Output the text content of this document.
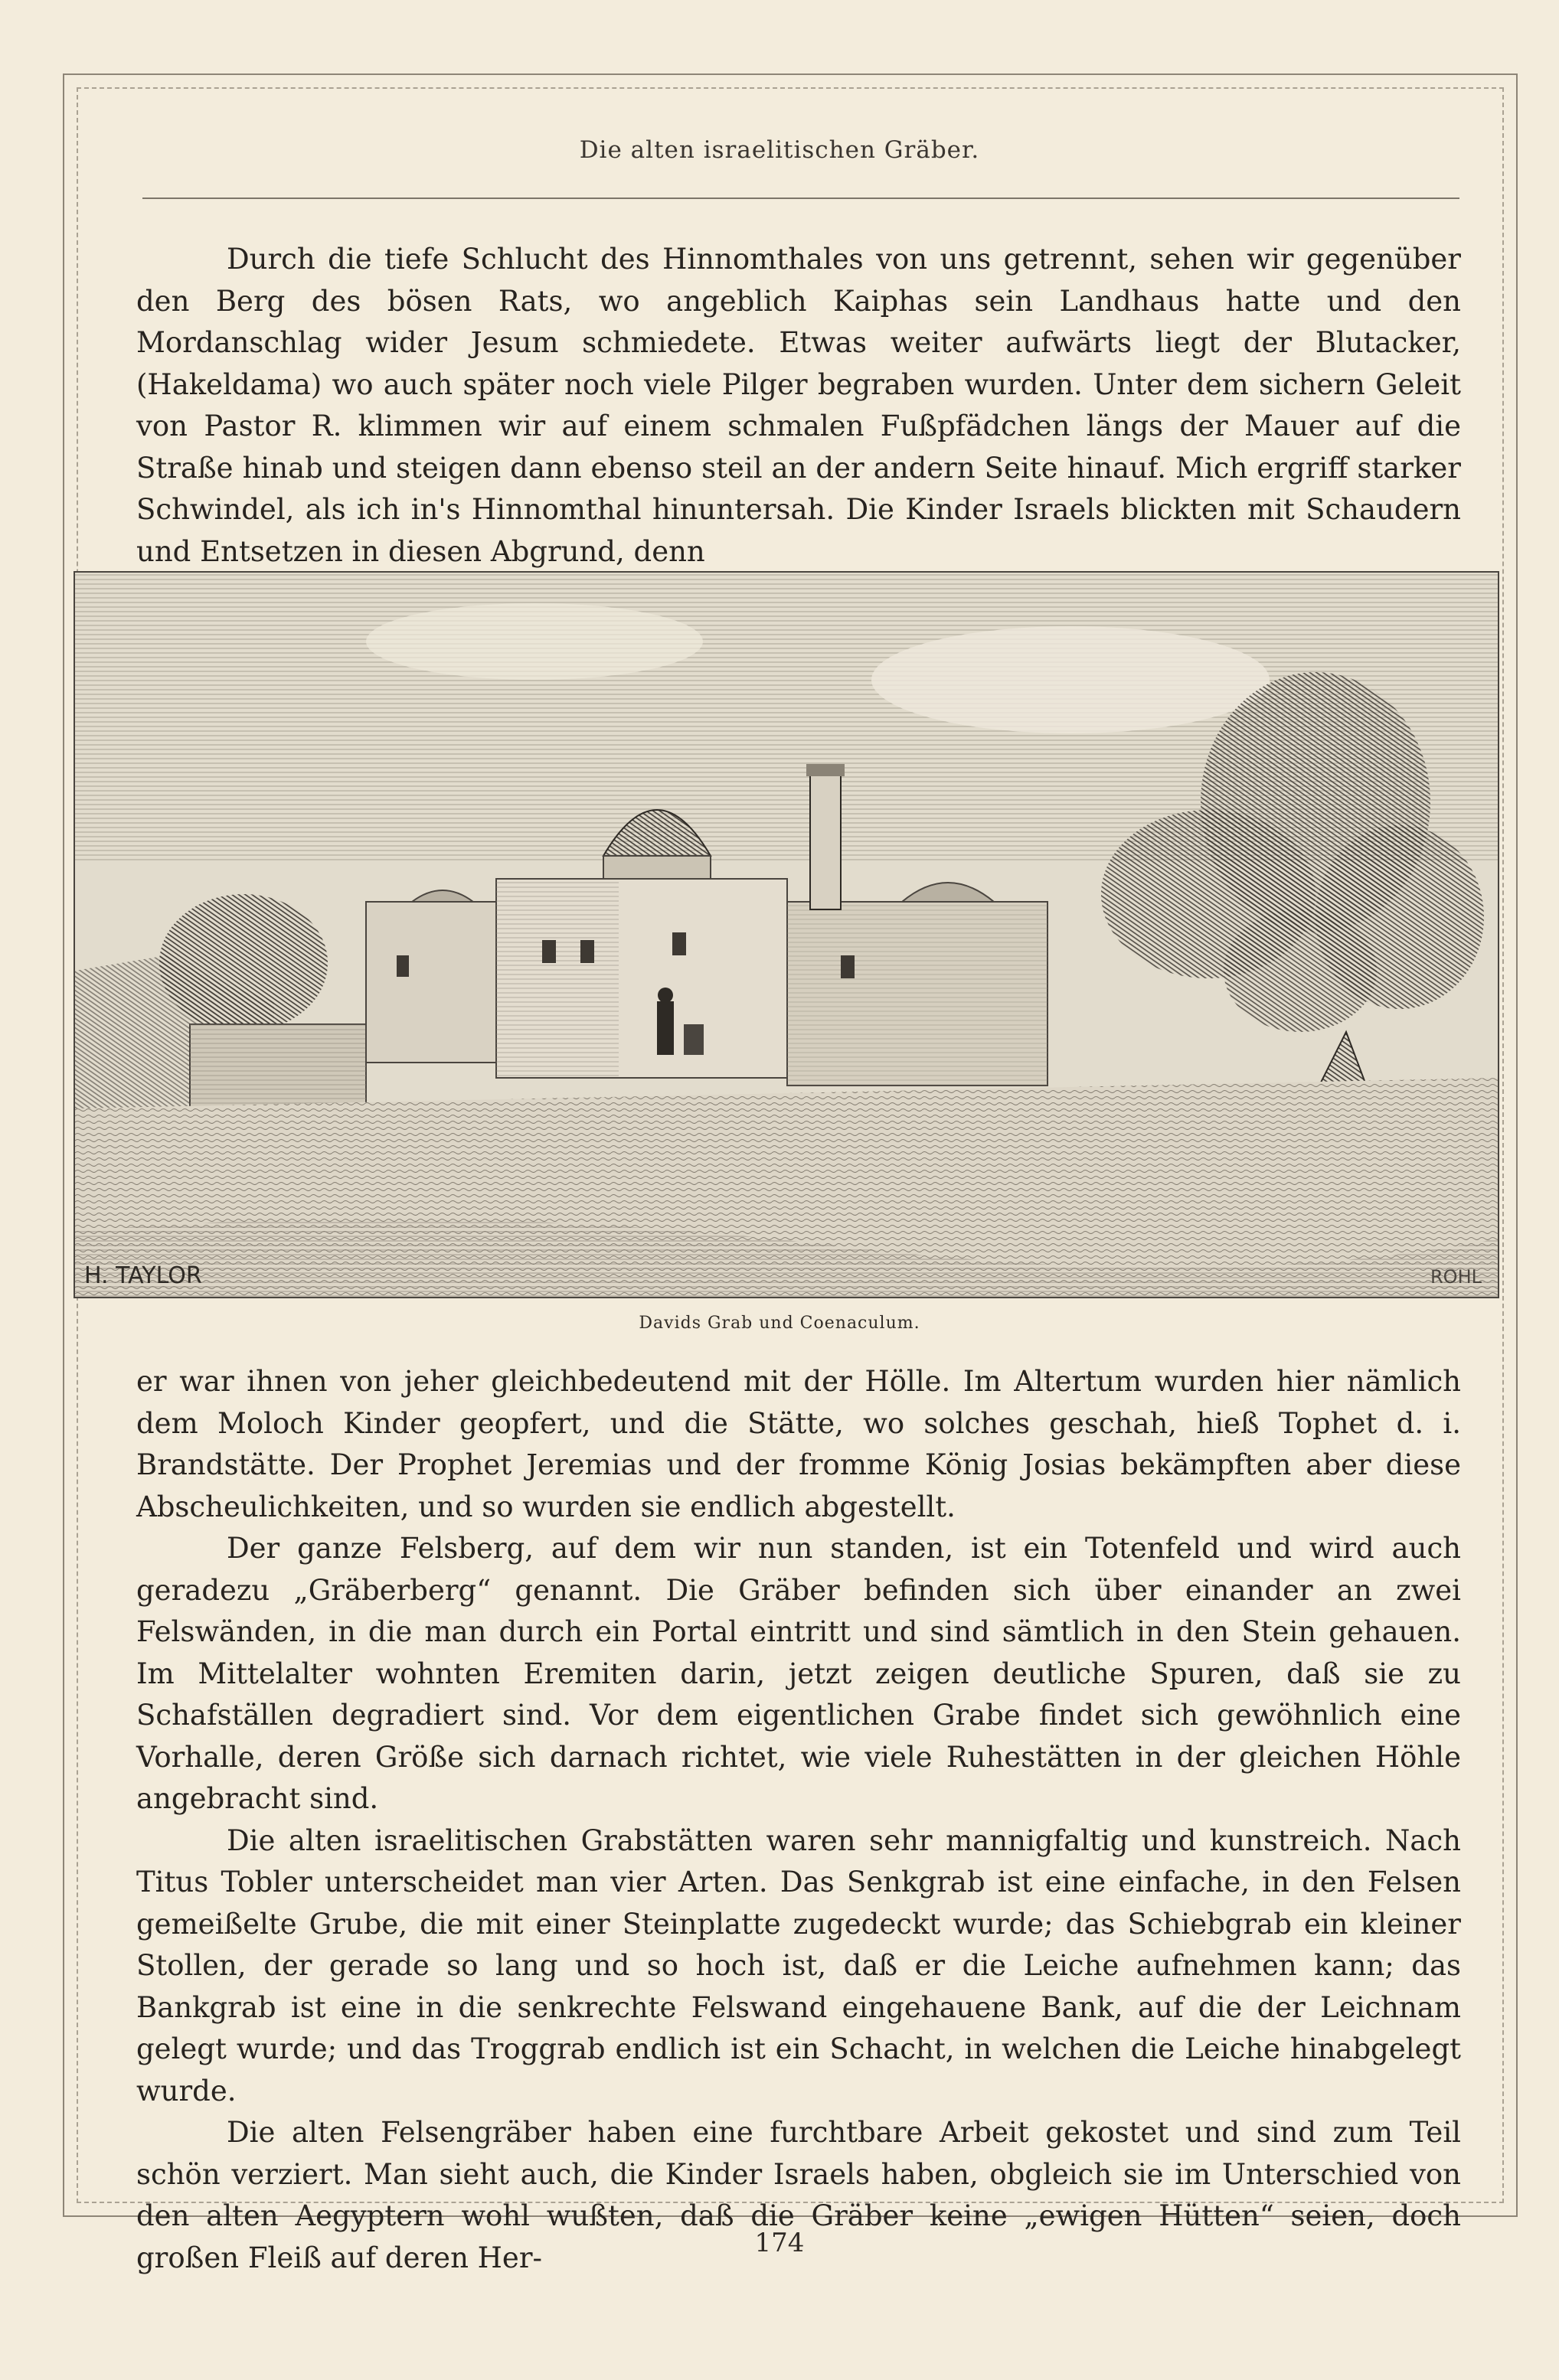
Die alten israelitischen Gräber.

Durch die tiefe Schlucht des Hinnomthales von uns getrennt, sehen wir gegenüber den Berg des bösen Rats, wo angeblich Kaiphas sein Landhaus hatte und den Mordanschlag wider Jesum schmiedete. Etwas weiter aufwärts liegt der Blutacker, (Hakeldama) wo auch später noch viele Pilger begraben wurden. Unter dem sichern Geleit von Pastor R. klimmen wir auf einem schmalen Fußpfädchen längs der Mauer auf die Straße hinab und steigen dann ebenso steil an der andern Seite hinauf. Mich ergriff starker Schwindel, als ich in's Hinnomthal hinuntersah. Die Kinder Israels blickten mit Schaudern und Entsetzen in diesen Abgrund, denn

H. TAYLOR	ROHL
Davids Grab und Coenaculum.

er war ihnen von jeher gleichbedeutend mit der Hölle. Im Altertum wurden hier nämlich dem Moloch Kinder geopfert, und die Stätte, wo solches geschah, hieß Tophet d. i. Brandstätte. Der Prophet Jeremias und der fromme König Josias bekämpften aber diese Abscheulichkeiten, und so wurden sie endlich abgestellt.

Der ganze Felsberg, auf dem wir nun standen, ist ein Totenfeld und wird auch geradezu „Gräberberg“ genannt. Die Gräber befinden sich über einander an zwei Felswänden, in die man durch ein Portal eintritt und sind sämtlich in den Stein gehauen. Im Mittelalter wohnten Eremiten darin, jetzt zeigen deutliche Spuren, daß sie zu Schafställen degradiert sind. Vor dem eigentlichen Grabe findet sich gewöhnlich eine Vorhalle, deren Größe sich darnach richtet, wie viele Ruhestätten in der gleichen Höhle angebracht sind.

Die alten israelitischen Grabstätten waren sehr mannigfaltig und kunstreich. Nach Titus Tobler unterscheidet man vier Arten. Das Senkgrab ist eine einfache, in den Felsen gemeißelte Grube, die mit einer Steinplatte zugedeckt wurde; das Schiebgrab ein kleiner Stollen, der gerade so lang und so hoch ist, daß er die Leiche aufnehmen kann; das Bankgrab ist eine in die senkrechte Felswand eingehauene Bank, auf die der Leichnam gelegt wurde; und das Troggrab endlich ist ein Schacht, in welchen die Leiche hinabgelegt wurde.

Die alten Felsengräber haben eine furchtbare Arbeit gekostet und sind zum Teil schön verziert. Man sieht auch, die Kinder Israels haben, obgleich sie im Unterschied von den alten Aegyptern wohl wußten, daß die Gräber keine „ewigen Hütten“ seien, doch großen Fleiß auf deren Her-	174
